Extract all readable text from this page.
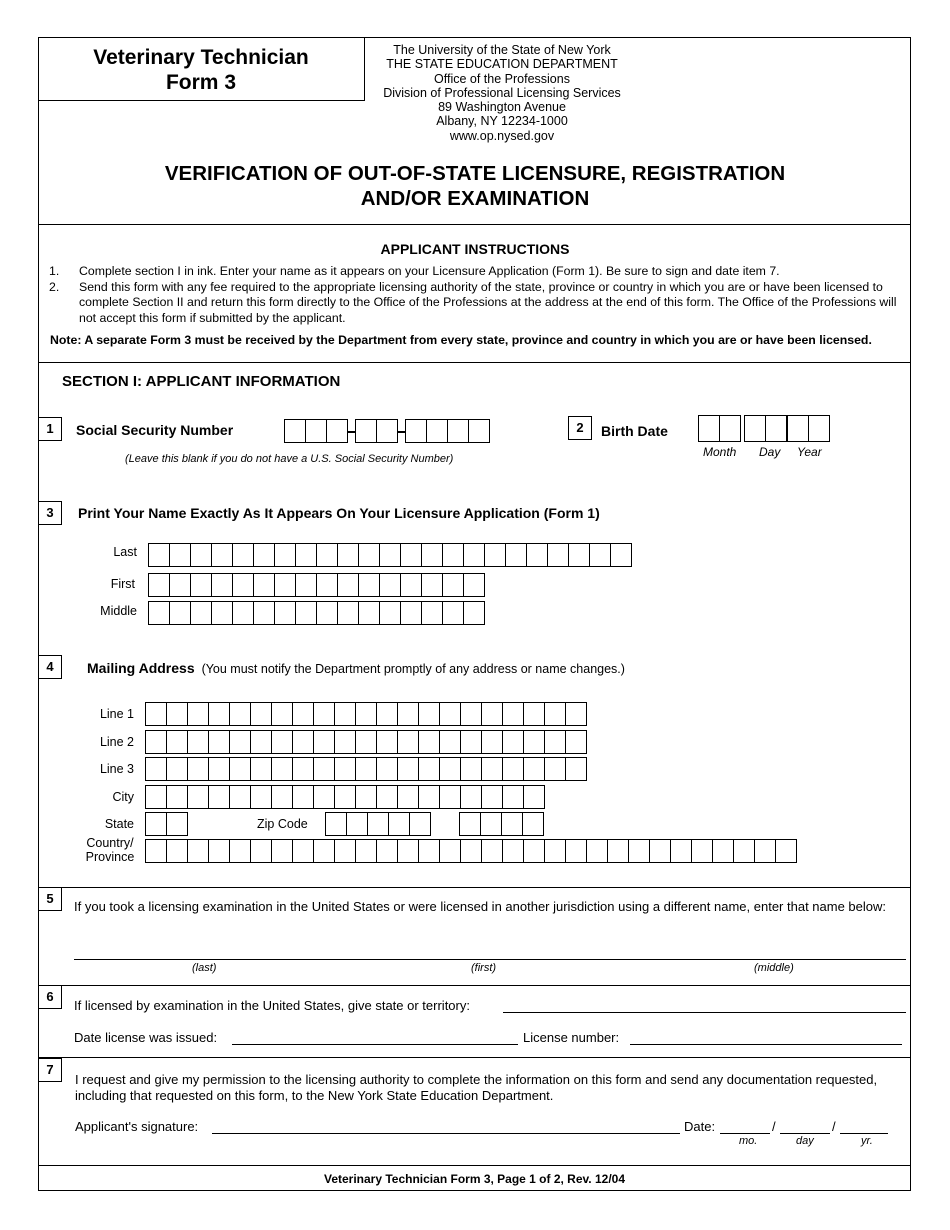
Veterinary Technician
Form 3
The University of the State of New York
THE STATE EDUCATION DEPARTMENT
Office of the Professions
Division of Professional Licensing Services
89 Washington Avenue
Albany, NY 12234-1000
www.op.nysed.gov
VERIFICATION OF OUT-OF-STATE LICENSURE, REGISTRATION
AND/OR EXAMINATION
APPLICANT INSTRUCTIONS
1.	Complete section I in ink. Enter your name as it appears on your Licensure Application (Form 1). Be sure to sign and date item 7.
2.	Send this form with any fee required to the appropriate licensing authority of the state, province or country in which you are or have been licensed to complete Section II and return this form directly to the Office of the Professions at the address at the end of this form. The Office of the Professions will not accept this form if submitted by the applicant.
Note: A separate Form 3 must be received by the Department from every state, province and country in which you are or have been licensed.
SECTION I: APPLICANT INFORMATION
1	Social Security Number
(Leave this blank if you do not have a U.S. Social Security Number)
2	Birth Date
Month Day Year
3	Print Your Name Exactly As It Appears On Your Licensure Application (Form 1)
Last
First
Middle
4	Mailing Address (You must notify the Department promptly of any address or name changes.)
Line 1
Line 2
Line 3
City
State	Zip Code
Country/
Province
5
If you took a licensing examination in the United States or were licensed in another jurisdiction using a different name, enter that name below:
(last)	(first)	(middle)
6
If licensed by examination in the United States, give state or territory:
Date license was issued:	License number:
7
I request and give my permission to the licensing authority to complete the information on this form and send any documentation requested, including that requested on this form, to the New York State Education Department.
Applicant's signature:	Date:	/	/
mo.	day	yr.
Veterinary Technician Form 3, Page 1 of 2, Rev. 12/04
